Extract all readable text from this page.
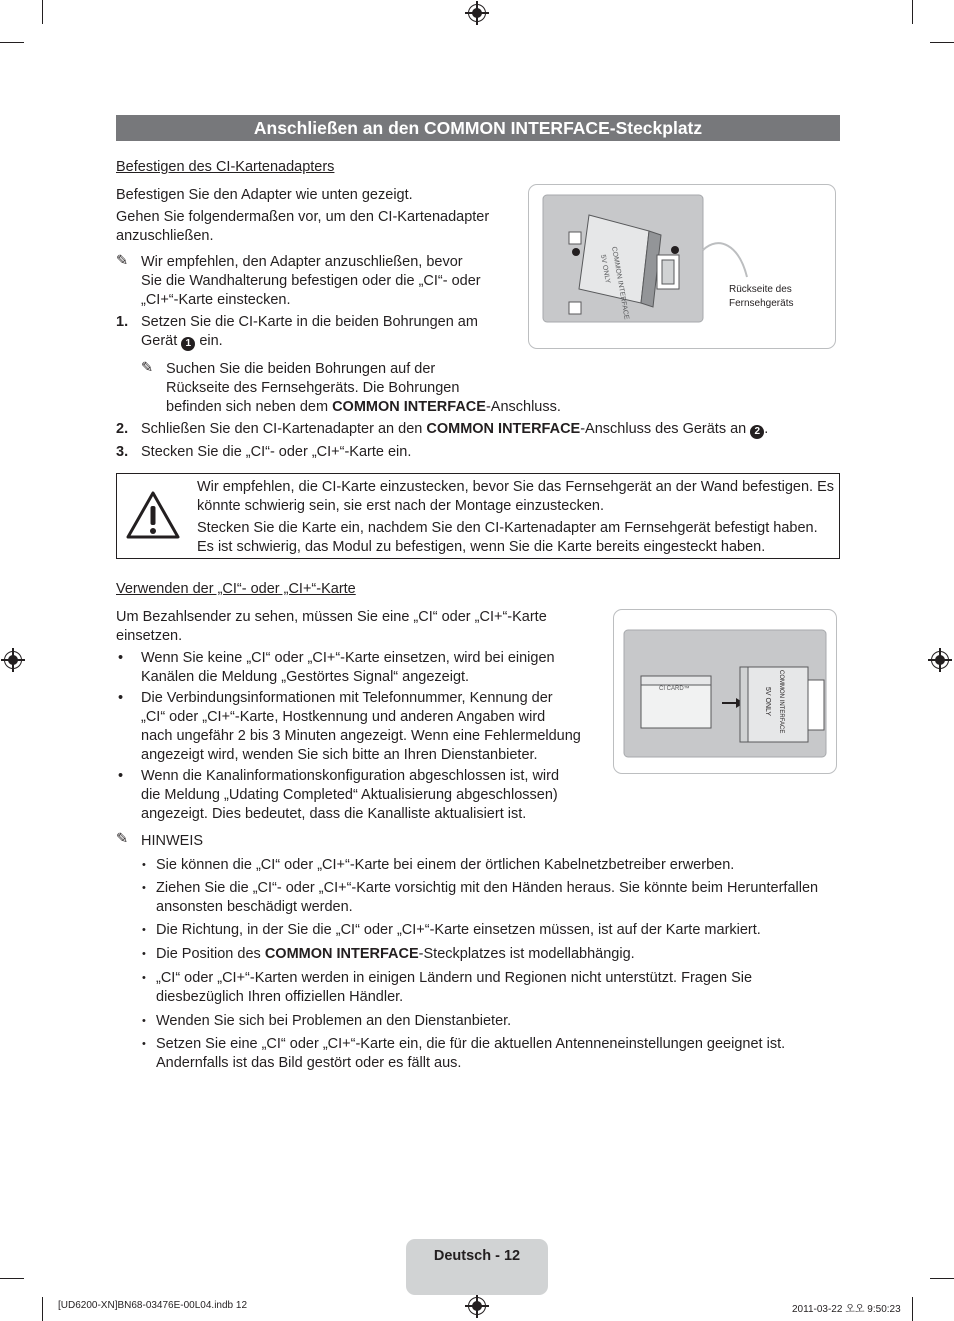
Anschließen an den COMMON INTERFACE-Steckplatz
Befestigen des CI-Kartenadapters
Befestigen Sie den Adapter wie unten gezeigt.
Gehen Sie folgendermaßen vor, um den CI-Kartenadapter
anzuschließen.
✎ Wir empfehlen, den Adapter anzuschließen, bevor
Sie die Wandhalterung befestigen oder die „CI“- oder
„CI+“-Karte einstecken.
1. Setzen Sie die CI-Karte in die beiden Bohrungen am
Gerät 1 ein.
✎ Suchen Sie die beiden Bohrungen auf der
Rückseite des Fernsehgeräts. Die Bohrungen
befinden sich neben dem COMMON INTERFACE-Anschluss.
2. Schließen Sie den CI-Kartenadapter an den COMMON INTERFACE-Anschluss des Geräts an 2 .
3. Stecken Sie die „CI“- oder „CI+“-Karte ein.
COMMON INTERFACE
5V ONLY
Rückseite des
Fernsehgeräts
Wir empfehlen, die CI-Karte einzustecken, bevor Sie das Fernsehgerät an der Wand befestigen. Es
könnte schwierig sein, sie erst nach der Montage einzustecken.
Stecken Sie die Karte ein, nachdem Sie den CI-Kartenadapter am Fernsehgerät befestigt haben.
Es ist schwierig, das Modul zu befestigen, wenn Sie die Karte bereits eingesteckt haben.
Verwenden der „CI“- oder „CI+“-Karte
Um Bezahlsender zu sehen, müssen Sie eine „CI“ oder „CI+“-Karte
einsetzen.
• Wenn Sie keine „CI“ oder „CI+“-Karte einsetzen, wird bei einigen
Kanälen die Meldung „Gestörtes Signal“ angezeigt.
• Die Verbindungsinformationen mit Telefonnummer, Kennung der
„CI“ oder „CI+“-Karte, Hostkennung und anderen Angaben wird
nach ungefähr 2 bis 3 Minuten angezeigt. Wenn eine Fehlermeldung
angezeigt wird, wenden Sie sich bitte an Ihren Dienstanbieter.
• Wenn die Kanalinformationskonfiguration abgeschlossen ist, wird
die Meldung „Udating Completed“ Aktualisierung abgeschlossen)
angezeigt. Dies bedeutet, dass die Kanalliste aktualisiert ist.
CI CARD™	COMMON INTERFACE
5V ONLY
✎ HINWEIS
• Sie können die „CI“ oder „CI+“-Karte bei einem der örtlichen Kabelnetzbetreiber erwerben.
• Ziehen Sie die „CI“- oder „CI+“-Karte vorsichtig mit den Händen heraus. Sie könnte beim Herunterfallen
ansonsten beschädigt werden.
• Die Richtung, in der Sie die „CI“ oder „CI+“-Karte einsetzen müssen, ist auf der Karte markiert.
• Die Position des COMMON INTERFACE-Steckplatzes ist modellabhängig.
• „CI“ oder „CI+“-Karten werden in einigen Ländern und Regionen nicht unterstützt. Fragen Sie
diesbezüglich Ihren offiziellen Händler.
• Wenden Sie sich bei Problemen an den Dienstanbieter.
• Setzen Sie eine „CI“ oder „CI+“-Karte ein, die für die aktuellen Antenneneinstellungen geeignet ist.
Andernfalls ist das Bild gestört oder es fällt aus.
Deutsch - 12
[UD6200-XN]BN68-03476E-00L04.indb 12	2011-03-22 오오 9:50:23
